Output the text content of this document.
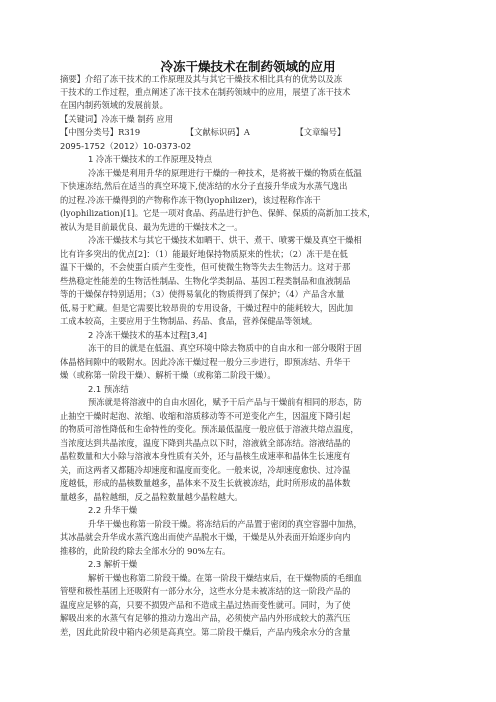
冷冻干燥技术在制药领域的应用
摘要】介绍了冻干技术的工作原理及其与其它干燥技术相比具有的优势以及冻
干技术的工作过程，重点阐述了冻干技术在制药领域中的应用，展望了冻干技术
在国内制药领域的发展前景。
【关键词】冷冻干燥 制药 应用
【中图分类号】R319　　　　　　【文献标识码】A　　　　　　【文章编号】
2095-1752（2012）10-0373-02
1 冷冻干燥技术的工作原理及特点
冷冻干燥是利用升华的原理进行干燥的一种技术，是将被干燥的物质在低温
下快速冻结,然后在适当的真空环境下,使冻结的水分子直接升华成为水蒸气逸出
的过程.冷冻干燥得到的产物称作冻干物(lyophilizer)，该过程称作冻干
(lyophilization)[1]。它是一项对食品、药品进行护色、保鲜、保质的高新加工技术，
被认为是目前最优良、最为先进的干燥技术之一。
冷冻干燥技术与其它干燥技术如晒干、烘干、煮干、喷雾干燥及真空干燥相
比有许多突出的优点[2]：（1）能最好地保持物质原来的性状；（2）冻干是在低
温下干燥的，不会使蛋白质产生变性，但可使微生物等失去生物活力。这对于那
些热稳定性能差的生物活性制品、生物化学类制品、基因工程类制品和血液制品
等的干燥保存特别适用；（3）使得易氧化的物质得到了保护；（4）产品含水量
低,易于贮藏。但是它需要比较昂贵的专用设备，干燥过程中的能耗较大，因此加
工成本较高，主要应用于生物制品、药品、食品，营养保健品等领域。
2 冷冻干燥技术的基本过程[3,4]
冻干的目的就是在低温、真空环境中除去物质中的自由水和一部分吸附于固
体晶格间隙中的吸附水。因此冷冻干燥过程一般分三步进行，即预冻结、升华干
燥（或称第一阶段干燥）、解析干燥（或称第二阶段干燥）。
2.1 预冻结
预冻就是将溶液中的自由水固化，赋予干后产品与干燥前有相同的形态，防
止抽空干燥时起泡、浓缩、收缩和溶质移动等不可逆变化产生，因温度下降引起
的物质可溶性降低和生命特性的变化。预冻最低温度一般应低于溶液共熔点温度，
当浓度达到共晶浓度，温度下降到共晶点以下时，溶液就全部冻结。溶液结晶的
晶粒数量和大小除与溶液本身性质有关外，还与晶核生成速率和晶体生长速度有
关，而这两者又都随冷却速度和温度而变化。一般来说，冷却速度愈快、过冷温
度越低，形成的晶核数量越多，晶体来不及生长就被冻结，此时所形成的晶体数
量越多，晶粒越细，反之晶粒数量越少晶粒越大。
2.2 升华干燥
升华干燥也称第一阶段干燥。将冻结后的产品置于密闭的真空容器中加热，
其冰晶就会升华成水蒸汽逸出而使产品脱水干燥，干燥是从外表面开始逐步向内
推移的，此阶段约除去全部水分的 90%左右。
2.3 解析干燥
解析干燥也称第二阶段干燥。在第一阶段干燥结束后，在干燥物质的毛细血
管壁和极性基团上还吸附有一部分水分，这些水分是未被冻结的这一阶段产品的
温度应足够的高，只要不损毁产品和不造成主晶过热而变性就可。同时，为了使
解吸出来的水蒸气有足够的推动力逸出产品，必须使产品内外形成较大的蒸汽压
差，因此此阶段中箱内必须是高真空。第二阶段干燥后，产品内残余水分的含量
